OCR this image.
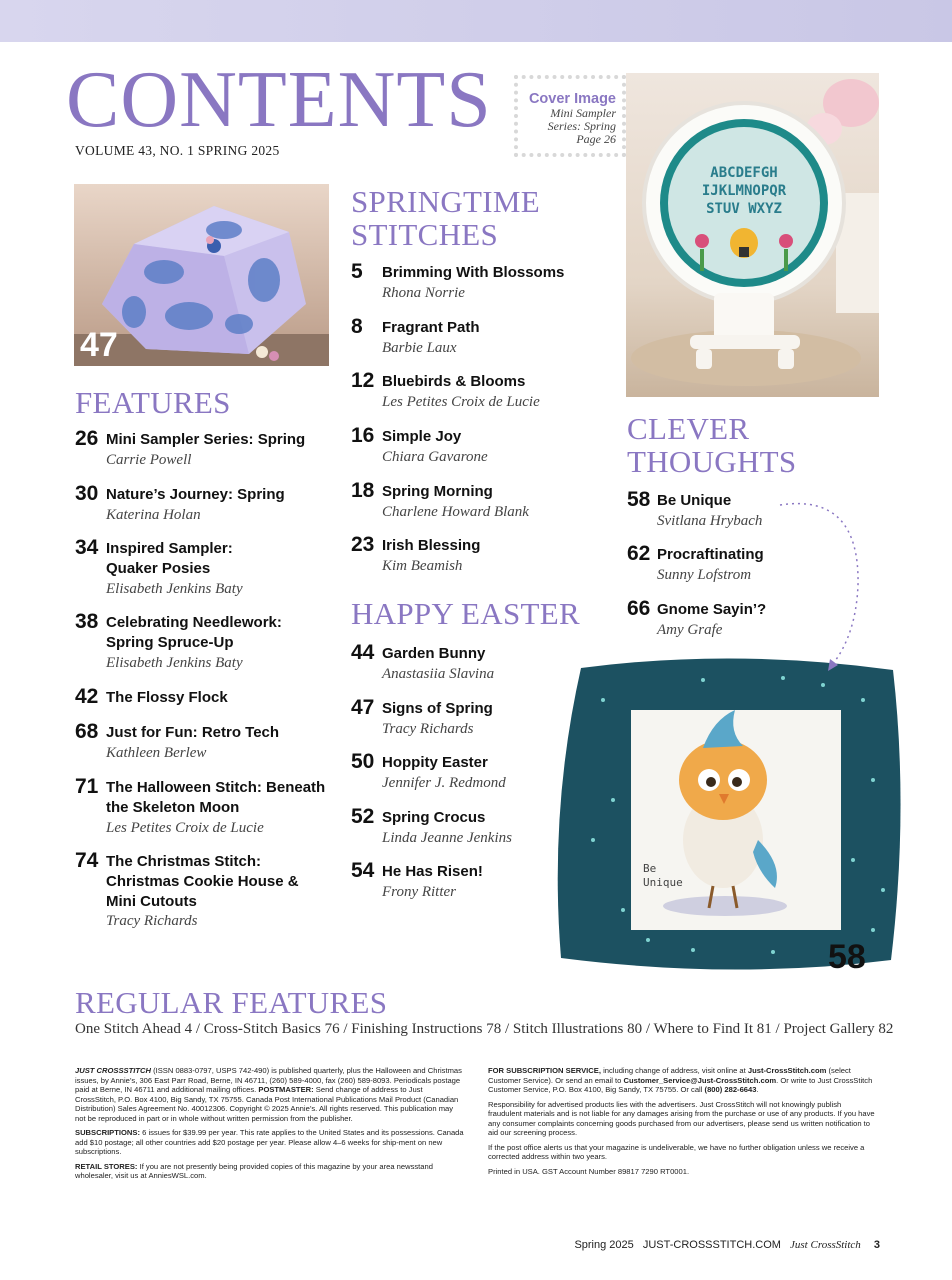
CONTENTS
VOLUME 43, NO. 1 SPRING 2025
Cover Image
Mini Sampler
Series: Spring
Page 26
47
ABCDEFGH
IJKLMNOPQR
STUV WXYZ
Be
Unique
58
FEATURES
26 Mini Sampler Series: Spring
Carrie Powell
30 Nature’s Journey: Spring
Katerina Holan
34 Inspired Sampler:
Quaker Posies
Elisabeth Jenkins Baty
38 Celebrating Needlework:
Spring Spruce-Up
Elisabeth Jenkins Baty
42 The Flossy Flock
68 Just for Fun: Retro Tech
Kathleen Berlew
71 The Halloween Stitch: Beneath
the Skeleton Moon
Les Petites Croix de Lucie
74 The Christmas Stitch:
Christmas Cookie House &
Mini Cutouts
Tracy Richards
SPRINGTIME
STITCHES
5 Brimming With Blossoms
Rhona Norrie
8 Fragrant Path
Barbie Laux
12 Bluebirds & Blooms
Les Petites Croix de Lucie
16 Simple Joy
Chiara Gavarone
18 Spring Morning
Charlene Howard Blank
23 Irish Blessing
Kim Beamish
HAPPY EASTER
44 Garden Bunny
Anastasiia Slavina
47 Signs of Spring
Tracy Richards
50 Hoppity Easter
Jennifer J. Redmond
52 Spring Crocus
Linda Jeanne Jenkins
54 He Has Risen!
Frony Ritter
CLEVER
THOUGHTS
58 Be Unique
Svitlana Hrybach
62 Procraftinating
Sunny Lofstrom
66 Gnome Sayin’?
Amy Grafe
REGULAR FEATURES
One Stitch Ahead 4 / Cross-Stitch Basics 76 / Finishing Instructions 78 / Stitch Illustrations 80 / Where to Find It 81 / Project Gallery 82

JUST CROSSSTITCH (ISSN 0883-0797, USPS 742-490) is published quarterly, plus the Halloween and Christmas issues, by Annie’s, 306 East Parr Road, Berne, IN 46711, (260) 589-4000, fax (260) 589-8093. Periodicals postage paid at Berne, IN 46711 and additional mailing offices. POSTMASTER: Send change of address to Just CrossStitch, P.O. Box 4100, Big Sandy, TX 75755. Canada Post International Publications Mail Product (Canadian Distribution) Sales Agreement No. 40012306. Copyright © 2025 Annie’s. All rights reserved. This publication may not be reproduced in part or in whole without written permission from the publisher.

SUBSCRIPTIONS: 6 issues for $39.99 per year. This rate applies to the United States and its possessions. Canada add $10 postage; all other countries add $20 postage per year. Please allow 4–6 weeks for ship-ment on new subscriptions.

RETAIL STORES: If you are not presently being provided copies of this magazine by your area newsstand wholesaler, visit us at AnniesWSL.com.

FOR SUBSCRIPTION SERVICE, including change of address, visit online at Just-CrossStitch.com (select Customer Service). Or send an email to Customer_Service@Just-CrossStitch.com. Or write to Just CrossStitch Customer Service, P.O. Box 4100, Big Sandy, TX 75755. Or call (800) 282-6643.

Responsibility for advertised products lies with the advertisers. Just CrossStitch will not knowingly publish fraudulent materials and is not liable for any damages arising from the purchase or use of any products. If you have any consumer complaints concerning goods purchased from our advertisers, please send us written notification to aid our screening process.

If the post office alerts us that your magazine is undeliverable, we have no further obligation unless we receive a corrected address within two years.

Printed in USA. GST Account Number 89817 7290 RT0001.

Spring 2025 JUST-CROSSSTITCH.COM Just CrossStitch 3
